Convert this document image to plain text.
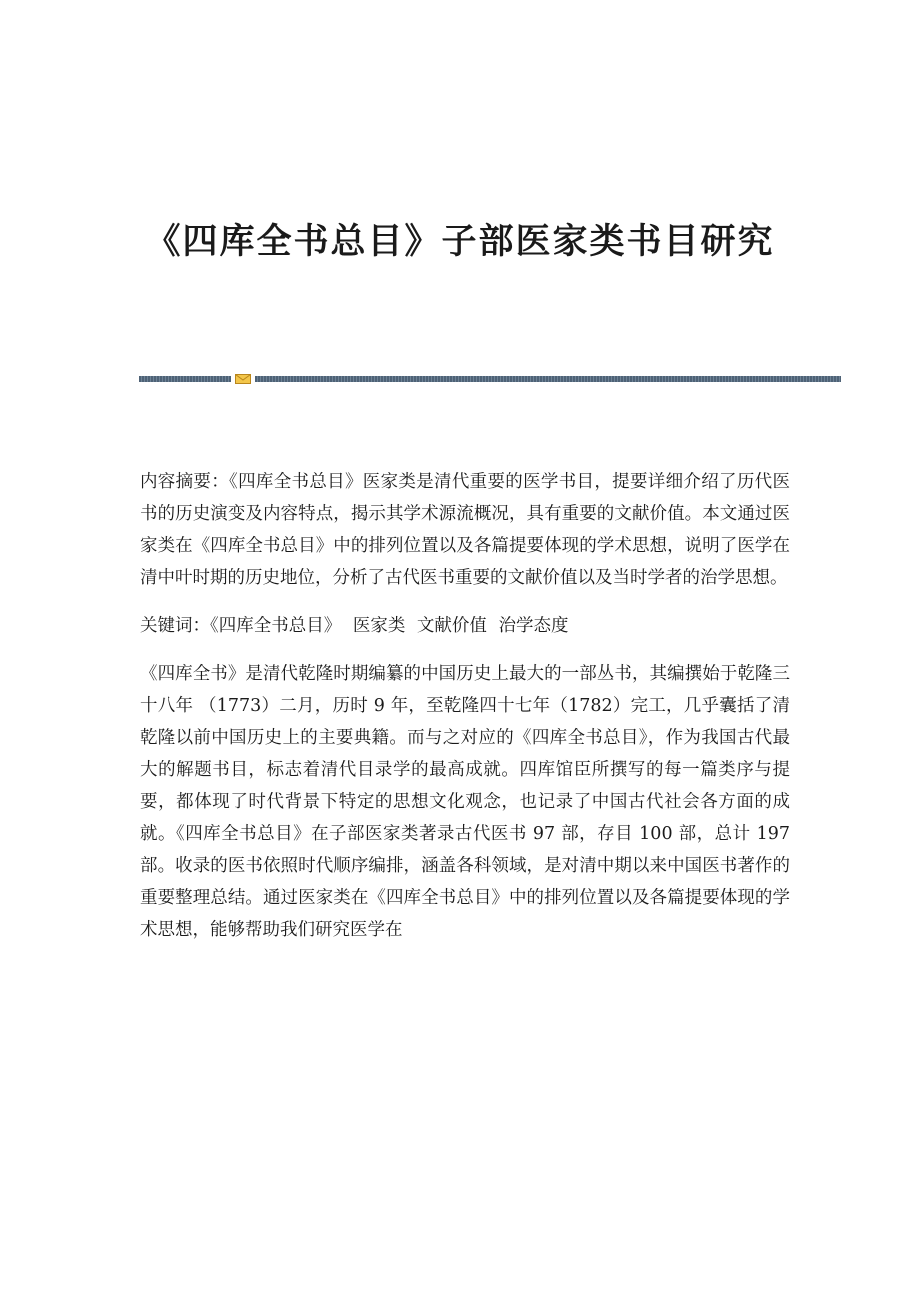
《四库全书总目》子部医家类书目研究

内容摘要：《四库全书总目》医家类是清代重要的医学书目，提要详细介绍了历代医书的历史演变及内容特点，揭示其学术源流概况，具有重要的文献价值。本文通过医家类在《四库全书总目》中的排列位置以及各篇提要体现的学术思想，说明了医学在清中叶时期的历史地位，分析了古代医书重要的文献价值以及当时学者的治学思想。

关键词：《四库全书总目》 医家类 文献价值 治学态度

《四库全书》是清代乾隆时期编纂的中国历史上最大的一部丛书，其编撰始于乾隆三十八年 （1773）二月，历时 9 年，至乾隆四十七年（1782）完工，几乎囊括了清乾隆以前中国历史上的主要典籍。而与之对应的《四库全书总目》，作为我国古代最大的解题书目，标志着清代目录学的最高成就。四库馆臣所撰写的每一篇类序与提要，都体现了时代背景下特定的思想文化观念，也记录了中国古代社会各方面的成就。《四库全书总目》在子部医家类著录古代医书 97 部，存目 100 部，总计 197 部。收录的医书依照时代顺序编排，涵盖各科领域，是对清中期以来中国医书著作的重要整理总结。通过医家类在《四库全书总目》中的排列位置以及各篇提要体现的学术思想，能够帮助我们研究医学在
